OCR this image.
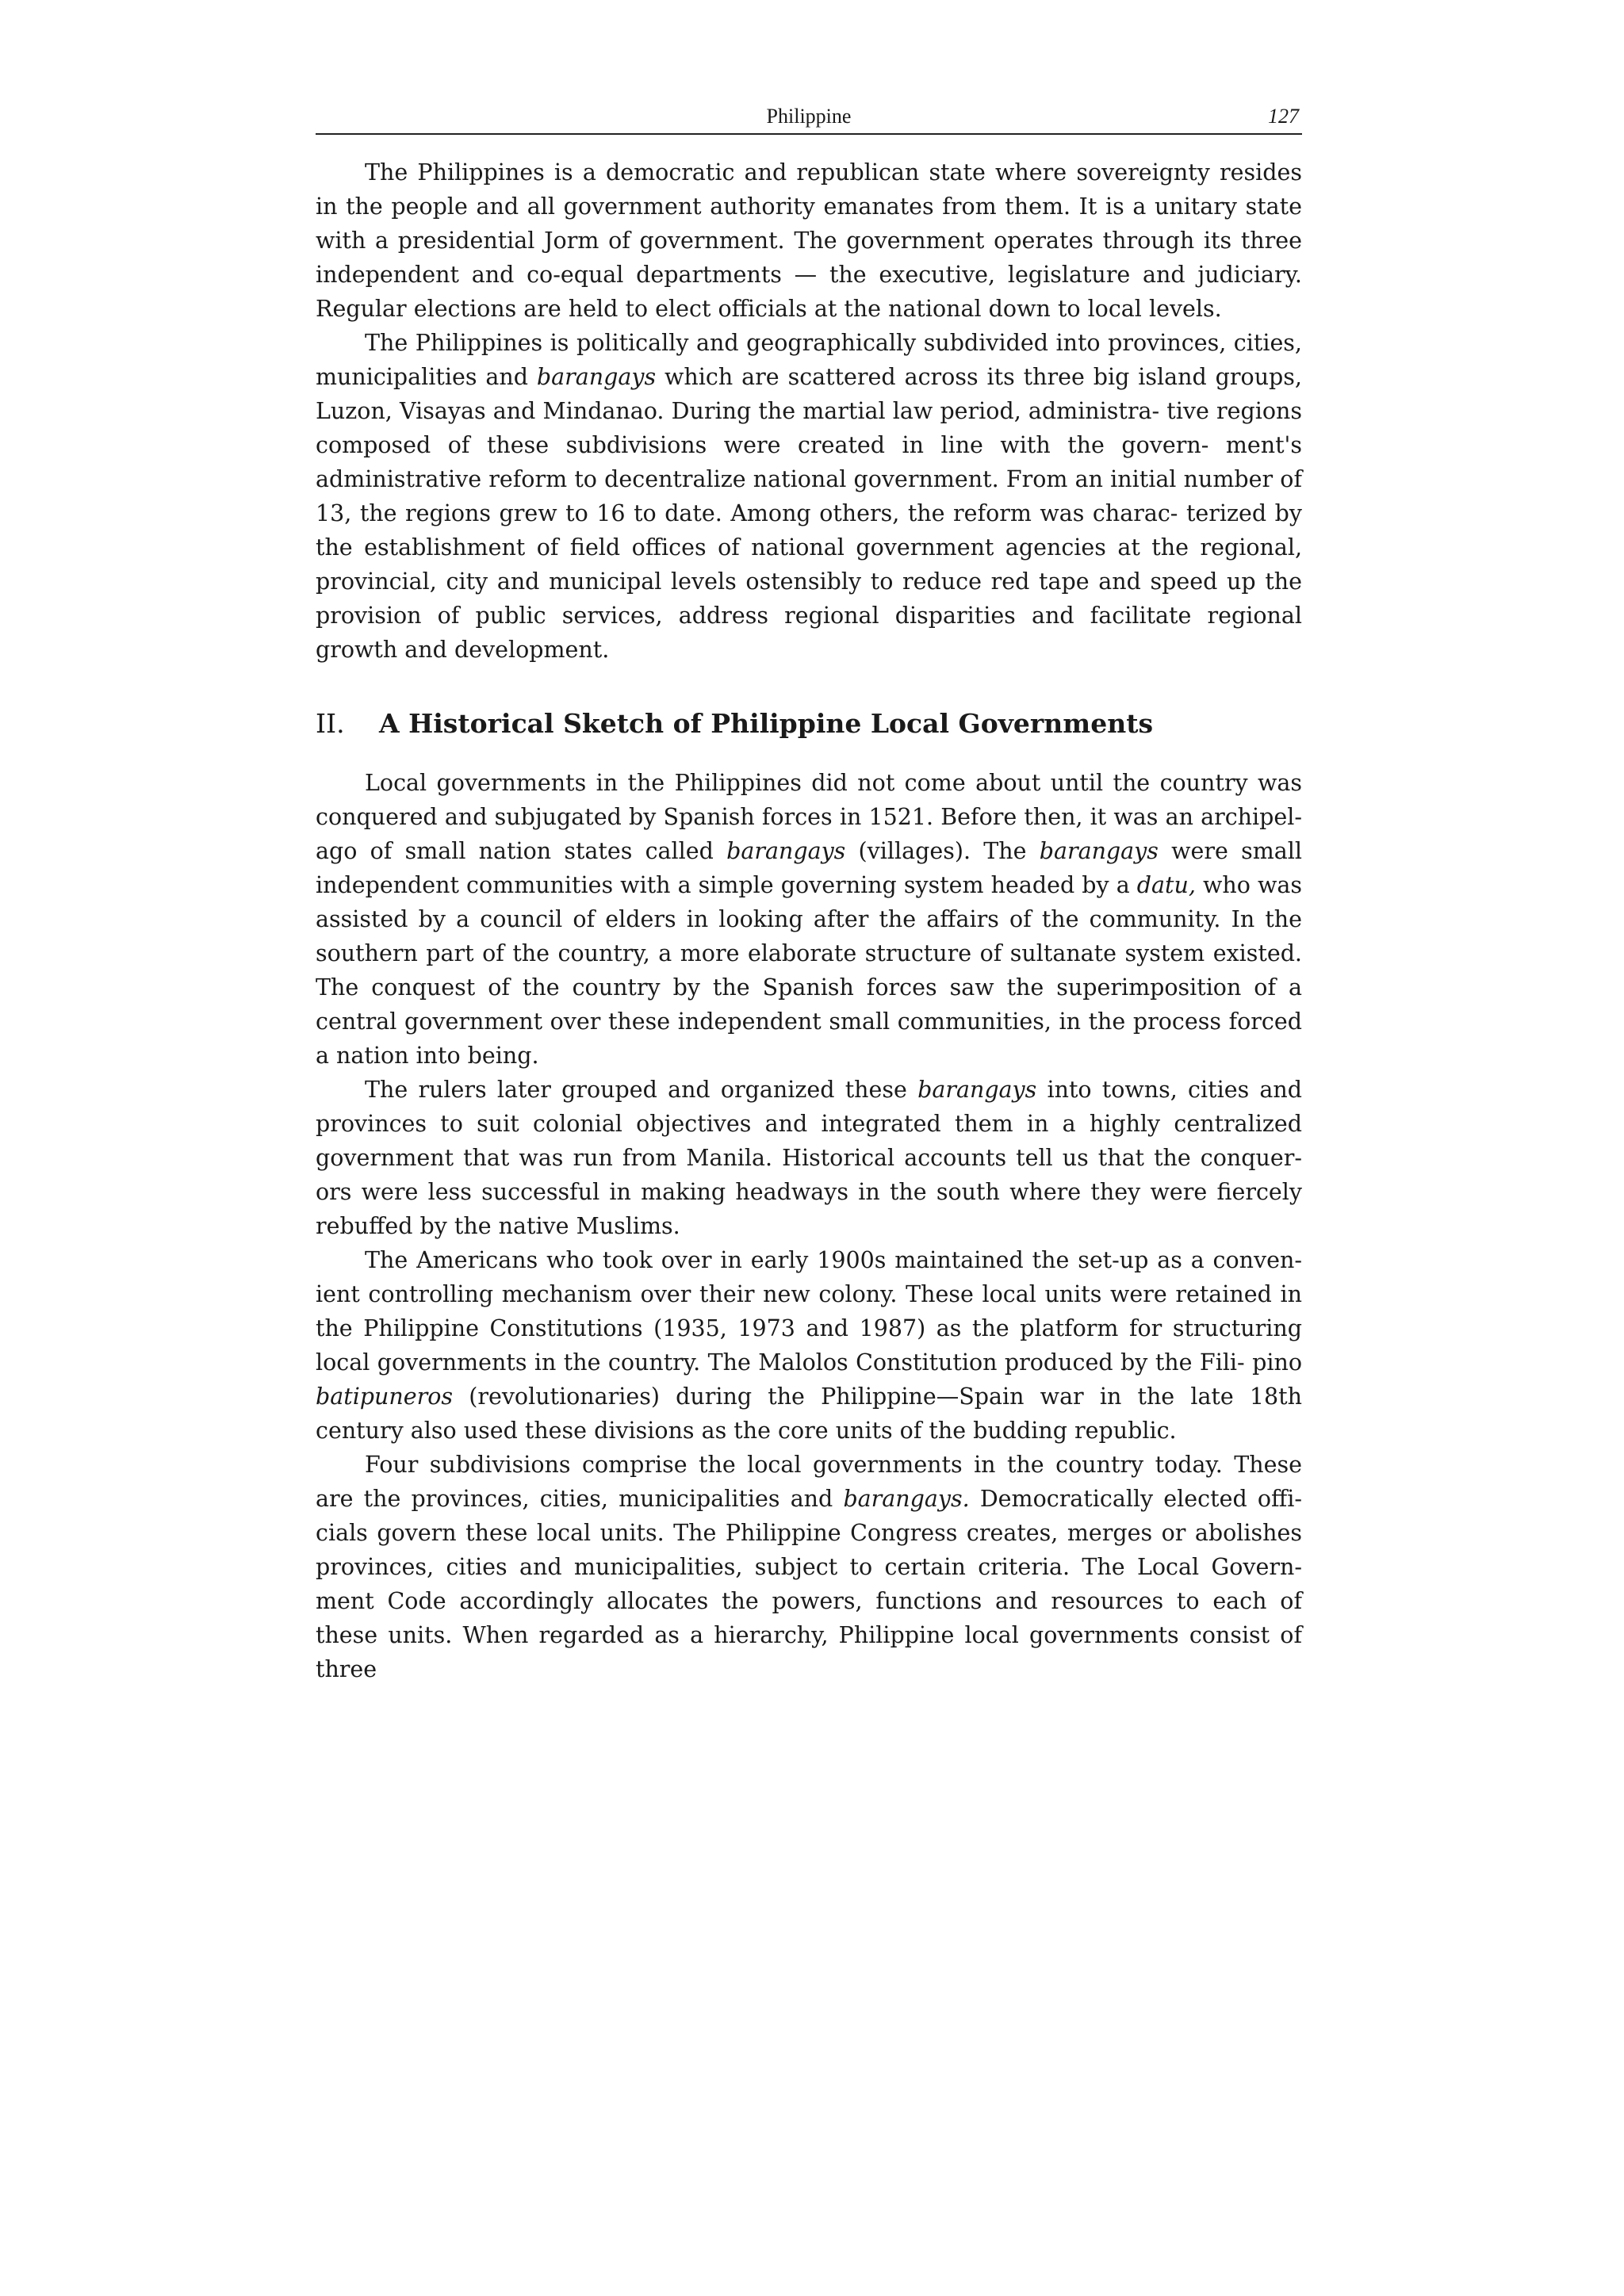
Philippine	127

The Philippines is a democratic and republican state where sovereignty resides in the people and all government authority emanates from them. It is a unitary state with a presidential Jorm of government. The government operates through its three independent and co-equal departments — the executive, legislature and judiciary. Regular elections are held to elect officials at the national down to local levels.

The Philippines is politically and geographically subdivided into provinces, cities, municipalities and barangays which are scattered across its three big island groups, Luzon, Visayas and Mindanao. During the martial law period, administra- tive regions composed of these subdivisions were created in line with the govern- ment's administrative reform to decentralize national government. From an initial number of 13, the regions grew to 16 to date. Among others, the reform was charac- terized by the establishment of field offices of national government agencies at the regional, provincial, city and municipal levels ostensibly to reduce red tape and speed up the provision of public services, address regional disparities and facilitate regional growth and development.

II.	A Historical Sketch of Philippine Local Governments

Local governments in the Philippines did not come about until the country was conquered and subjugated by Spanish forces in 1521. Before then, it was an archipel- ago of small nation states called barangays (villages). The barangays were small independent communities with a simple governing system headed by a datu, who was assisted by a council of elders in looking after the affairs of the community. In the southern part of the country, a more elaborate structure of sultanate system existed. The conquest of the country by the Spanish forces saw the superimposition of a central government over these independent small communities, in the process forced a nation into being.

The rulers later grouped and organized these barangays into towns, cities and provinces to suit colonial objectives and integrated them in a highly centralized government that was run from Manila. Historical accounts tell us that the conquer- ors were less successful in making headways in the south where they were fiercely rebuffed by the native Muslims.

The Americans who took over in early 1900s maintained the set-up as a conven- ient controlling mechanism over their new colony. These local units were retained in the Philippine Constitutions (1935, 1973 and 1987) as the platform for structuring local governments in the country. The Malolos Constitution produced by the Fili- pino batipuneros (revolutionaries) during the Philippine—Spain war in the late 18th century also used these divisions as the core units of the budding republic.

Four subdivisions comprise the local governments in the country today. These are the provinces, cities, municipalities and barangays. Democratically elected offi- cials govern these local units. The Philippine Congress creates, merges or abolishes provinces, cities and municipalities, subject to certain criteria. The Local Govern- ment Code accordingly allocates the powers, functions and resources to each of these units. When regarded as a hierarchy, Philippine local governments consist of three
